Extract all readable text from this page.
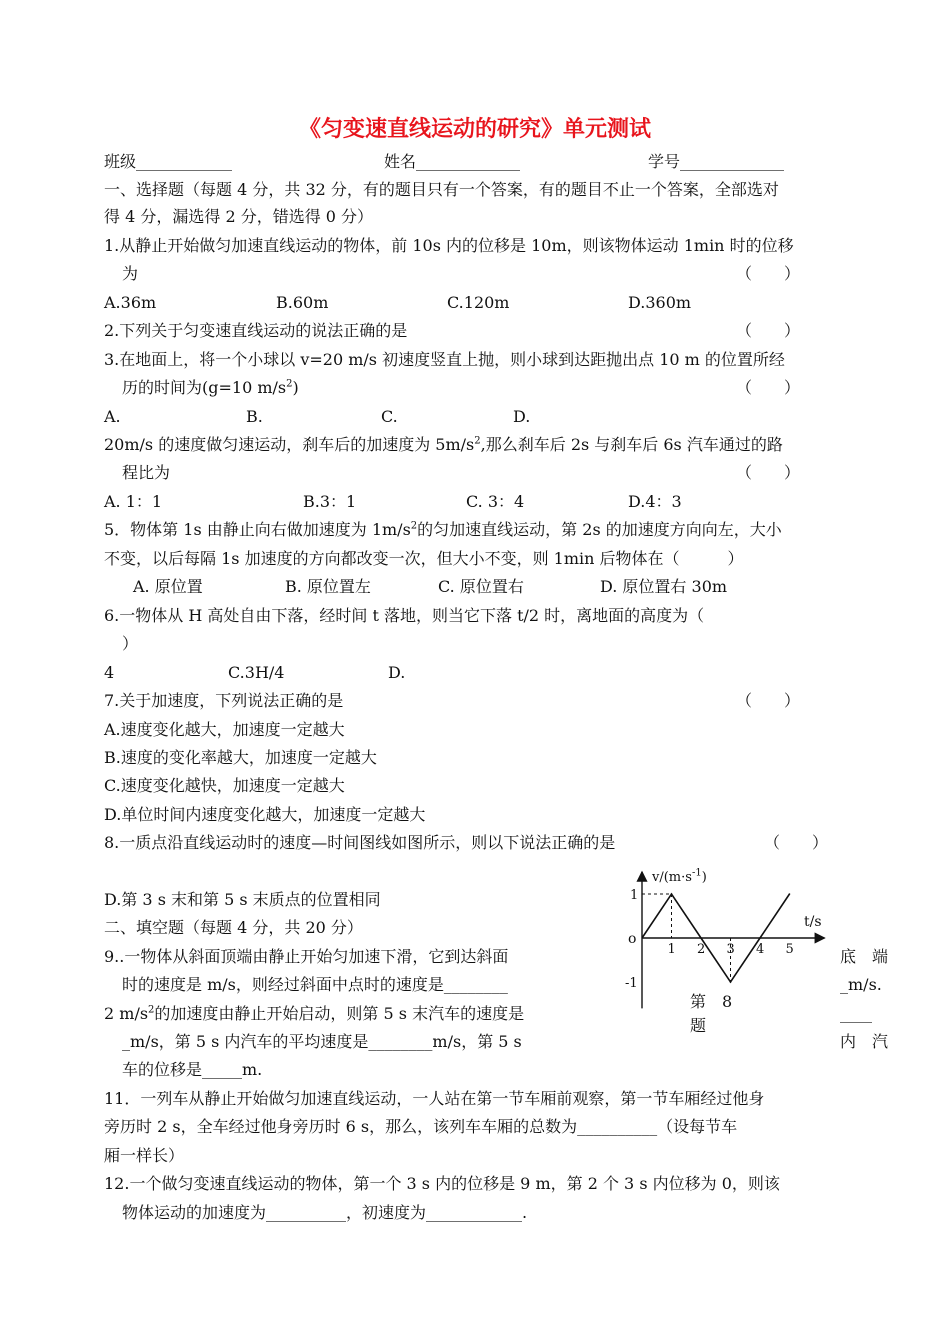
《匀变速直线运动的研究》单元测试
班级____________	姓名_____________	学号_____________
一、选择题（每题 4 分，共 32 分，有的题目只有一个答案，有的题目不止一个答案，全部选对
得 4 分，漏选得 2 分，错选得 0 分）
1.从静止开始做匀加速直线运动的物体，前 10s 内的位移是 10m，则该物体运动 1min 时的位移
为	（　　）
A.36m	B.60m	C.120m	D.360m
2.下列关于匀变速直线运动的说法正确的是	（　　）
3.在地面上，将一个小球以 v=20 m/s 初速度竖直上抛，则小球到达距抛出点 10 m 的位置所经
历的时间为(g=10 $m/s^2$)	（　　）
A.	B.	C.	D.
20m/s 的速度做匀速运动，刹车后的加速度为 $5m/s^2$,那么刹车后 2s 与刹车后 6s 汽车通过的路
程比为	（　　）
A. 1：1	B.3：1	C. 3：4	D.4：3
5．物体第 1s 由静止向右做加速度为 $1m/s^2$的匀加速直线运动，第 2s 的加速度方向向左，大小
不变，以后每隔 1s 加速度的方向都改变一次，但大小不变，则 1min 后物体在（　　　）
A. 原位置	B. 原位置左	C. 原位置右	D. 原位置右 30m
6.一物体从 H 高处自由下落，经时间 t 落地，则当它下落 t/2 时，离地面的高度为（
）
4	C.3H/4	D.
7.关于加速度，下列说法正确的是	（　　）
A.速度变化越大，加速度一定越大
B.速度的变化率越大，加速度一定越大
C.速度变化越快，加速度一定越大
D.单位时间内速度变化越大，加速度一定越大
8.一质点沿直线运动时的速度—时间图线如图所示，则以下说法正确的是	（　　）
D.第 3 s 末和第 5 s 末质点的位置相同
二、填空题（每题 4 分，共 20 分）
9..一物体从斜面顶端由静止开始匀加速下滑，它到达斜面	底　端
时的速度是 m/s，则经过斜面中点时的速度是________	_m/s.
2 $m/s^2$的加速度由静止开始启动，则第 5 s 末汽车的速度是	____
_m/s，第 5 s 内汽车的平均速度是________m/s，第 5 s	内　汽
车的位移是_____m.
11．一列车从静止开始做匀加速直线运动，一人站在第一节车厢前观察，第一节车厢经过他身
旁历时 2 s，全车经过他身旁历时 6 s，那么，该列车车厢的总数为__________（设每节车
厢一样长）
12.一个做匀变速直线运动的物体，第一个 3 s 内的位移是 9 m，第 2 个 3 s 内位移为 0，则该
物体运动的加速度为__________，初速度为____________.
o
1 2 3 4 5
1
-1
$v/(m\cdot s^{-1})$
t/s
第　8
题
